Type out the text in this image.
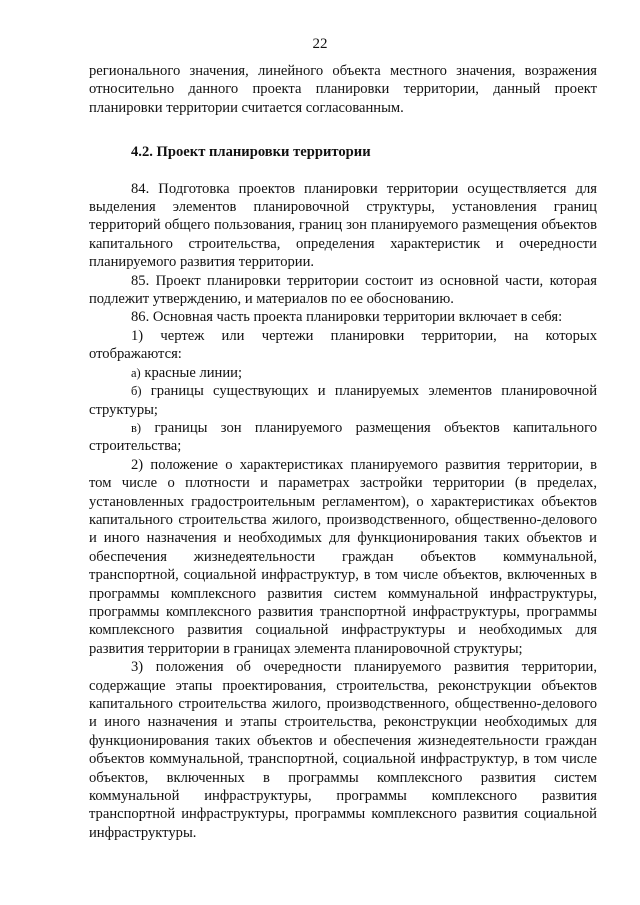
22

регионального значения, линейного объекта местного значения, возражения относительно данного проекта планировки территории, данный проект планировки территории считается согласованным.

4.2. Проект планировки территории

84. Подготовка проектов планировки территории осуществляется для выделения элементов планировочной структуры, установления границ территорий общего пользования, границ зон планируемого размещения объектов капитального строительства, определения характеристик и очередности планируемого развития территории.

85. Проект планировки территории состоит из основной части, которая подлежит утверждению, и материалов по ее обоснованию.

86. Основная часть проекта планировки территории включает в себя:

1) чертеж или чертежи планировки территории, на которых отображаются:

а) красные линии;

б) границы существующих и планируемых элементов планировочной структуры;

в) границы зон планируемого размещения объектов капитального строительства;

2) положение о характеристиках планируемого развития территории, в том числе о плотности и параметрах застройки территории (в пределах, установленных градостроительным регламентом), о характеристиках объектов капитального строительства жилого, производственного, общественно-делового и иного назначения и необходимых для функционирования таких объектов и обеспечения жизнедеятельности граждан объектов коммунальной, транспортной, социальной инфраструктур, в том числе объектов, включенных в программы комплексного развития систем коммунальной инфраструктуры, программы комплексного развития транспортной инфраструктуры, программы комплексного развития социальной инфраструктуры и необходимых для развития территории в границах элемента планировочной структуры;

3) положения об очередности планируемого развития территории, содержащие этапы проектирования, строительства, реконструкции объектов капитального строительства жилого, производственного, общественно-делового и иного назначения и этапы строительства, реконструкции необходимых для функционирования таких объектов и обеспечения жизнедеятельности граждан объектов коммунальной, транспортной, социальной инфраструктур, в том числе объектов, включенных в программы комплексного развития систем коммунальной инфраструктуры, программы комплексного развития транспортной инфраструктуры, программы комплексного развития социальной инфраструктуры.
